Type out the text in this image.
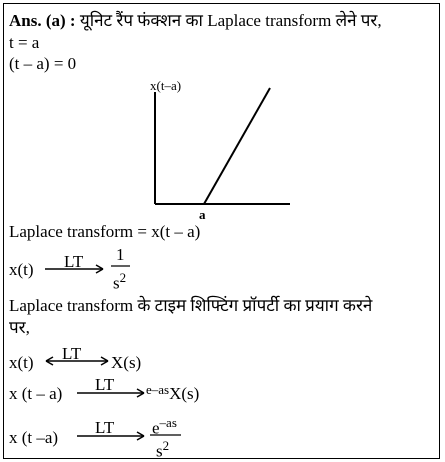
Ans. (a) : यूनिट रैंप फंक्शन का Laplace transform लेने पर,
t = a
(t – a) = 0
x(t–a)
a
Laplace transform = x(t – a)
x(t) LT 1
$s^2$
Laplace transform के टाइम शिफ्टिंग प्रॉपर्टी का प्रयाग करने
पर,
x(t) LT X(s)
x (t – a) LT $^{e-as}$X(s)
x (t –a)
LT $e^{-as}$
$s^2$
